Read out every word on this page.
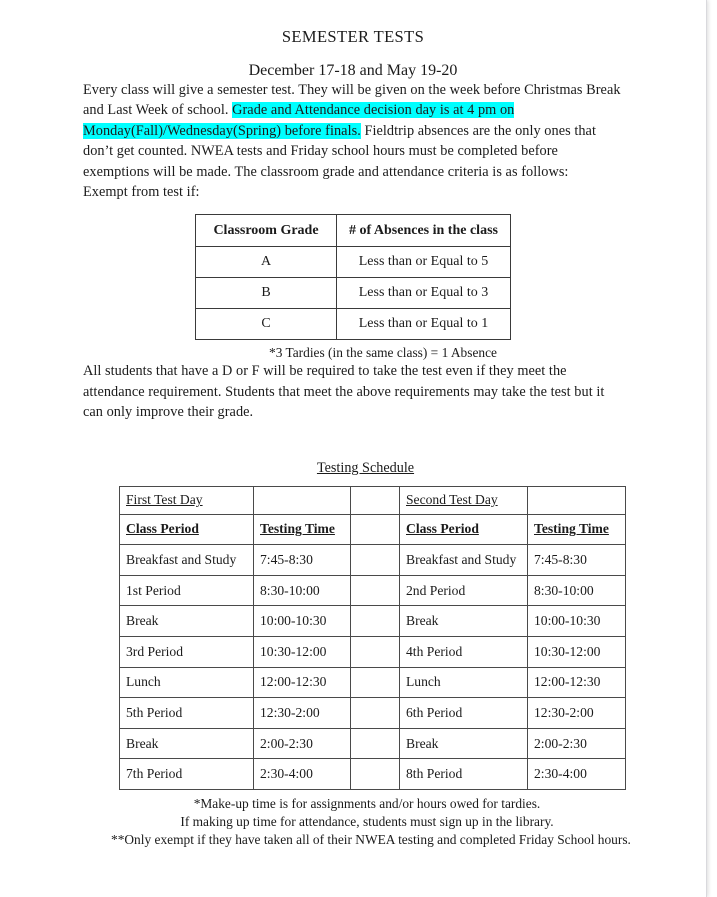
SEMESTER TESTS
December 17-18 and May 19-20

Every class will give a semester test. They will be given on the week before Christmas Break and Last Week of school. Grade and Attendance decision day is at 4 pm on Monday(Fall)/Wednesday(Spring) before finals. Fieldtrip absences are the only ones that don’t get counted. NWEA tests and Friday school hours must be completed before exemptions will be made. The classroom grade and attendance criteria is as follows:

Exempt from test if:

Classroom Grade	# of Absences in the class
A	Less than or Equal to 5
B	Less than or Equal to 3
C	Less than or Equal to 1
*3 Tardies (in the same class) = 1 Absence

All students that have a D or F will be required to take the test even if they meet the attendance requirement. Students that meet the above requirements may take the test but it can only improve their grade.

Testing Schedule
First Test Day			Second Test Day	
Class Period	Testing Time		Class Period	Testing Time
Breakfast and Study	7:45-8:30		Breakfast and Study	7:45-8:30
1st Period	8:30-10:00		2nd Period	8:30-10:00
Break	10:00-10:30		Break	10:00-10:30
3rd Period	10:30-12:00		4th Period	10:30-12:00
Lunch	12:00-12:30		Lunch	12:00-12:30
5th Period	12:30-2:00		6th Period	12:30-2:00
Break	2:00-2:30		Break	2:00-2:30
7th Period	2:30-4:00		8th Period	2:30-4:00
*Make-up time is for assignments and/or hours owed for tardies.
If making up time for attendance, students must sign up in the library.
**Only exempt if they have taken all of their NWEA testing and completed Friday School hours.
